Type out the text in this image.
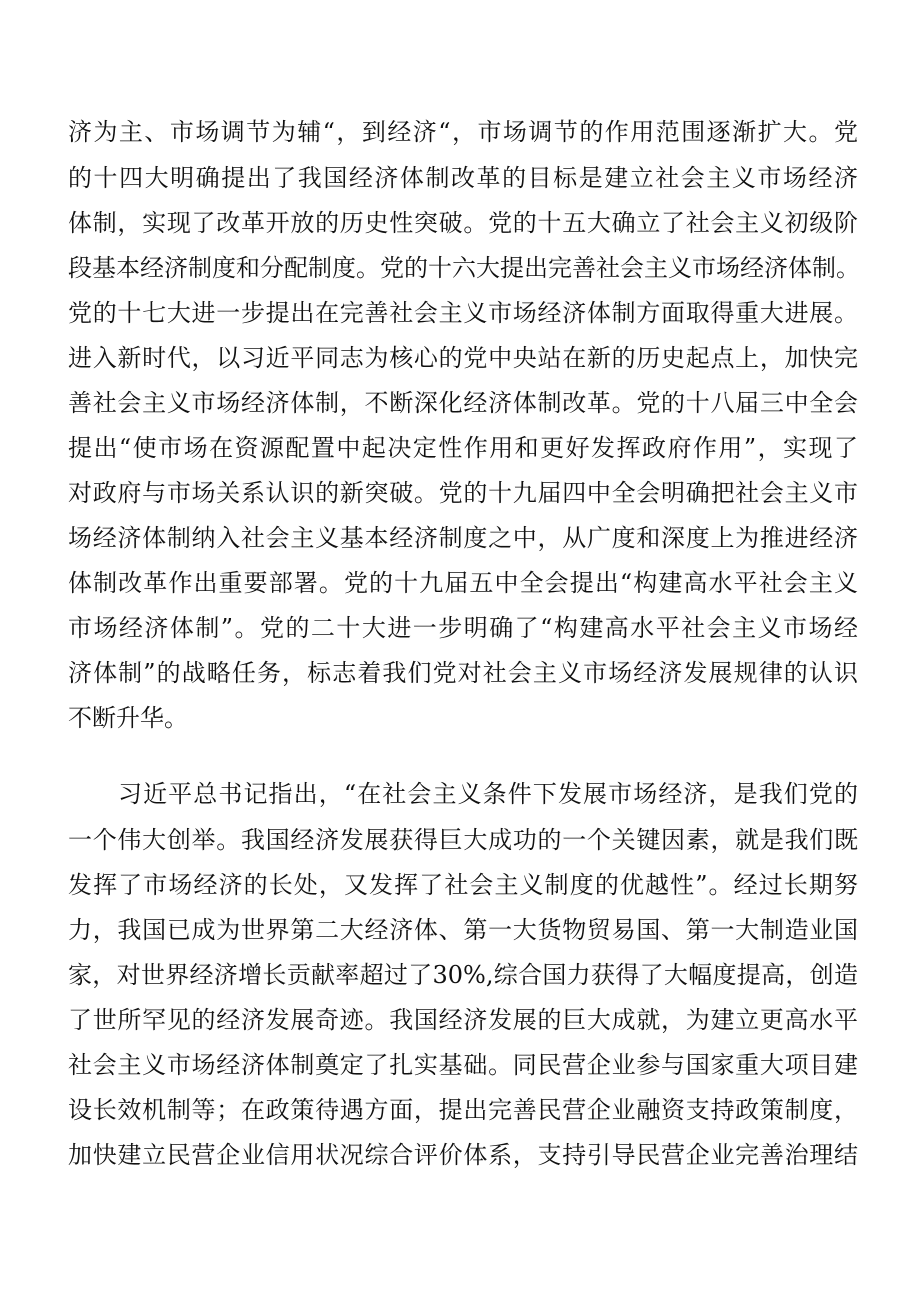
济为主、市场调节为辅“，到经济“，市场调节的作用范围逐渐扩大。党
的十四大明确提出了我国经济体制改革的目标是建立社会主义市场经济
体制，实现了改革开放的历史性突破。党的十五大确立了社会主义初级阶
段基本经济制度和分配制度。党的十六大提出完善社会主义市场经济体制。
党的十七大进一步提出在完善社会主义市场经济体制方面取得重大进展。
进入新时代，以习近平同志为核心的党中央站在新的历史起点上，加快完
善社会主义市场经济体制，不断深化经济体制改革。党的十八届三中全会
提出“使市场在资源配置中起决定性作用和更好发挥政府作用”，实现了
对政府与市场关系认识的新突破。党的十九届四中全会明确把社会主义市
场经济体制纳入社会主义基本经济制度之中，从广度和深度上为推进经济
体制改革作出重要部署。党的十九届五中全会提出“构建高水平社会主义
市场经济体制”。党的二十大进一步明确了“构建高水平社会主义市场经
济体制”的战略任务，标志着我们党对社会主义市场经济发展规律的认识
不断升华。
习近平总书记指出，“在社会主义条件下发展市场经济，是我们党的
一个伟大创举。我国经济发展获得巨大成功的一个关键因素，就是我们既
发挥了市场经济的长处，又发挥了社会主义制度的优越性”。经过长期努
力，我国已成为世界第二大经济体、第一大货物贸易国、第一大制造业国
家，对世界经济增长贡献率超过了30%,综合国力获得了大幅度提高，创造
了世所罕见的经济发展奇迹。我国经济发展的巨大成就，为建立更高水平
社会主义市场经济体制奠定了扎实基础。同民营企业参与国家重大项目建
设长效机制等；在政策待遇方面，提出完善民营企业融资支持政策制度，
加快建立民营企业信用状况综合评价体系，支持引导民营企业完善治理结
